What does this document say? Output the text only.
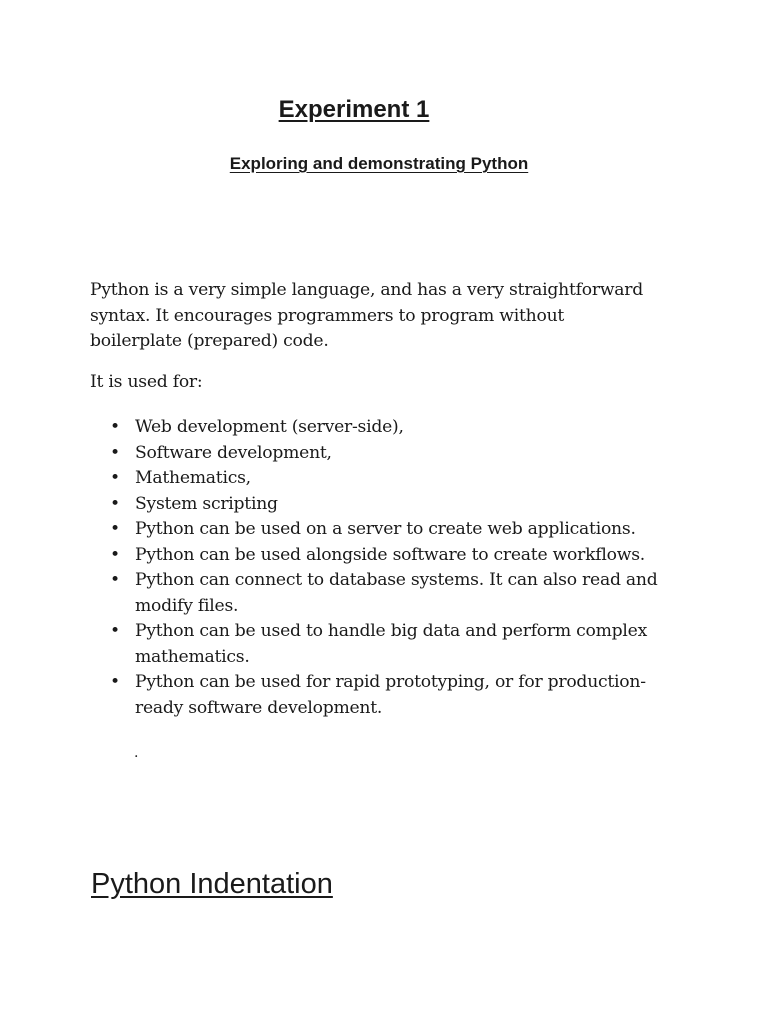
Experiment 1
Exploring and demonstrating Python

Python is a very simple language, and has a very straightforward
syntax. It encourages programmers to program without
boilerplate (prepared) code.

It is used for:

• Web development (server-side),
• Software development,
• Mathematics,
• System scripting
• Python can be used on a server to create web applications.
• Python can be used alongside software to create workflows.
• Python can connect to database systems. It can also read and
modify files.
• Python can be used to handle big data and perform complex
mathematics.
• Python can be used for rapid prototyping, or for production-
ready software development.

.

Python Indentation
